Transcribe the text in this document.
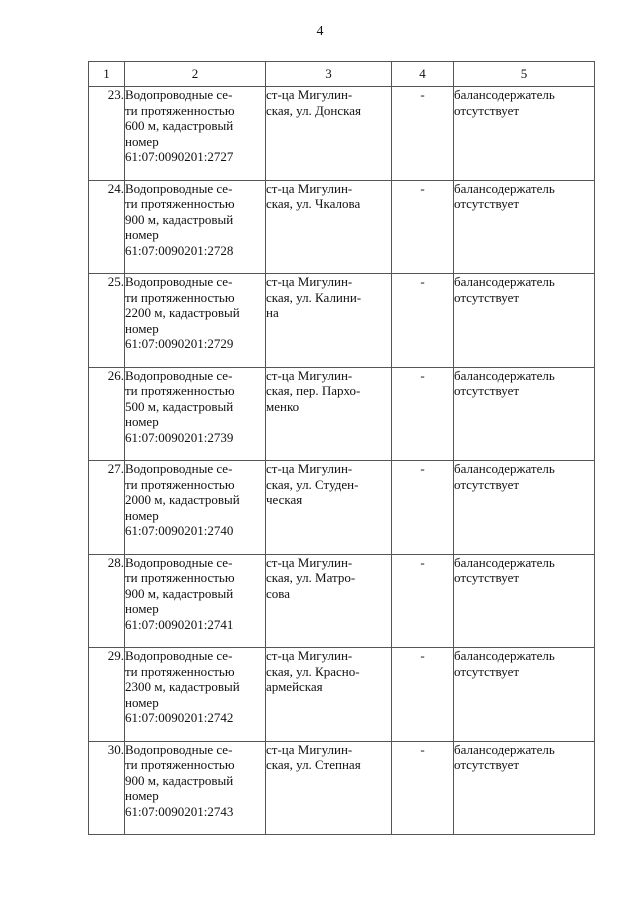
4
1	2	3	4	5
23.	Водопроводные се-
ти протяженностью
600 м, кадастровый
номер
61:07:0090201:2727	ст-ца Мигулин-
ская, ул. Донская	-	балансодержатель
отсутствует

24.	Водопроводные се-
ти протяженностью
900 м, кадастровый
номер
61:07:0090201:2728	ст-ца Мигулин-
ская, ул. Чкалова	-	балансодержатель
отсутствует

25.	Водопроводные се-
ти протяженностью
2200 м, кадастровый
номер
61:07:0090201:2729	ст-ца Мигулин-
ская, ул. Калини-
на	-	балансодержатель
отсутствует

26.	Водопроводные се-
ти протяженностью
500 м, кадастровый
номер
61:07:0090201:2739	ст-ца Мигулин-
ская, пер. Пархо-
менко	-	балансодержатель
отсутствует

27.	Водопроводные се-
ти протяженностью
2000 м, кадастровый
номер
61:07:0090201:2740	ст-ца Мигулин-
ская, ул. Студен-
ческая	-	балансодержатель
отсутствует

28.	Водопроводные се-
ти протяженностью
900 м, кадастровый
номер
61:07:0090201:2741	ст-ца Мигулин-
ская, ул. Матро-
сова	-	балансодержатель
отсутствует

29.	Водопроводные се-
ти протяженностью
2300 м, кадастровый
номер
61:07:0090201:2742	ст-ца Мигулин-
ская, ул. Красно-
армейская	-	балансодержатель
отсутствует

30.	Водопроводные се-
ти протяженностью
900 м, кадастровый
номер
61:07:0090201:2743	ст-ца Мигулин-
ская, ул. Степная	-	балансодержатель
отсутствует
